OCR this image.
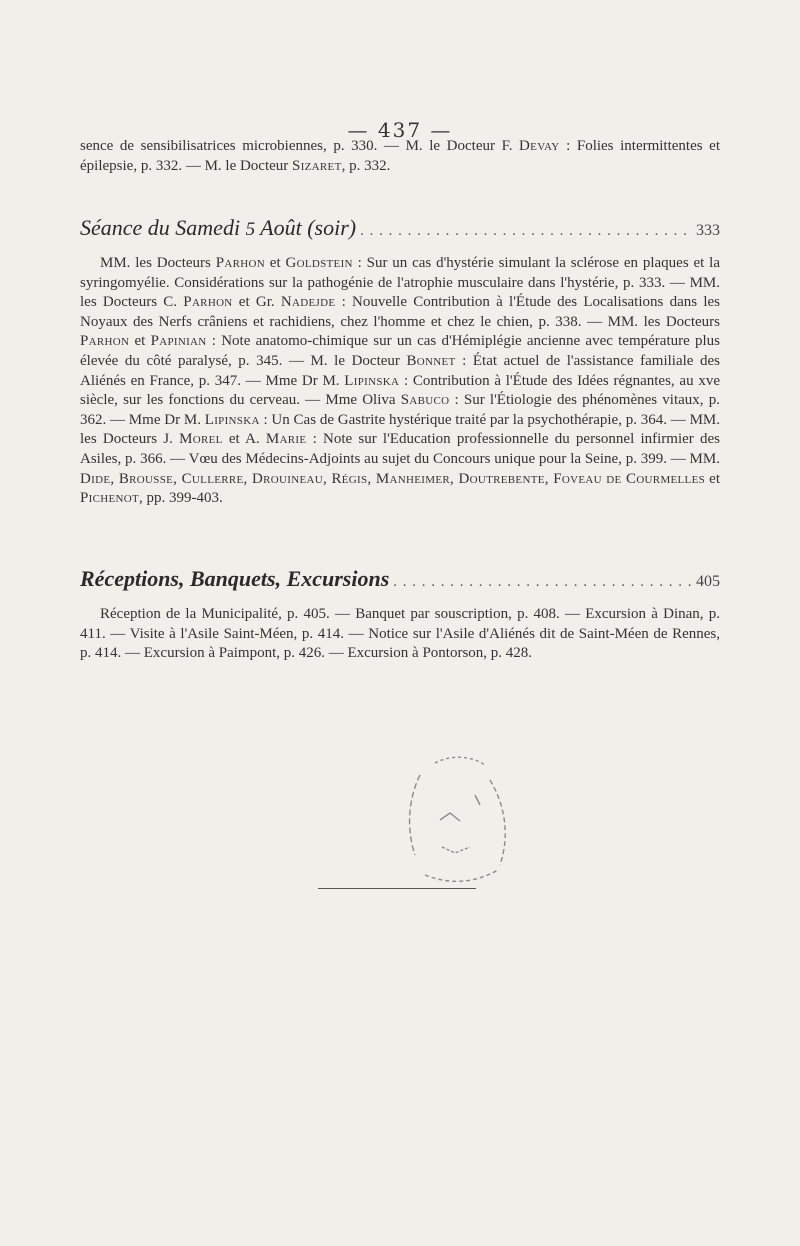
— 437 —

sence de sensibilisatrices microbiennes, p. 330. — M. le Docteur F. Devay : Folies intermittentes et épilepsie, p. 332. — M. le Docteur Sizaret, p. 332.

Séance du Samedi 5 Août (soir) . . .	333

MM. les Docteurs Parhon et Goldstein : Sur un cas d'hystérie simulant la sclérose en plaques et la syringomyélie. Considérations sur la pathogénie de l'atrophie musculaire dans l'hystérie, p. 333. — MM. les Docteurs C. Parhon et Gr. Nadejde : Nouvelle Contribution à l'Étude des Localisations dans les Noyaux des Nerfs crâniens et rachidiens, chez l'homme et chez le chien, p. 338. — MM. les Docteurs Parhon et Papinian : Note anatomo-chimique sur un cas d'Hémiplégie ancienne avec température plus élevée du côté paralysé, p. 345. — M. le Docteur Bonnet : État actuel de l'assistance familiale des Aliénés en France, p. 347. — Mme Dr M. Lipinska : Contribution à l'Étude des Idées régnantes, au xve siècle, sur les fonctions du cerveau. — Mme Oliva Sabuco : Sur l'Étiologie des phénomènes vitaux, p. 362. — Mme Dr M. Lipinska : Un Cas de Gastrite hystérique traité par la psychothérapie, p. 364. — MM. les Docteurs J. Morel et A. Marie : Note sur l'Education professionnelle du personnel infirmier des Asiles, p. 366. — Vœu des Médecins-Adjoints au sujet du Concours unique pour la Seine, p. 399. — MM. Dide, Brousse, Cullerre, Drouineau, Régis, Manheimer, Doutrebente, Foveau de Courmelles et Pichenot, pp. 399-403.

Réceptions, Banquets, Excursions . . .	405

Réception de la Municipalité, p. 405. — Banquet par souscription, p. 408. — Excursion à Dinan, p. 411. — Visite à l'Asile Saint-Méen, p. 414. — Notice sur l'Asile d'Aliénés dit de Saint-Méen de Rennes, p. 414. — Excursion à Paimpont, p. 426. — Excursion à Pontorson, p. 428.
